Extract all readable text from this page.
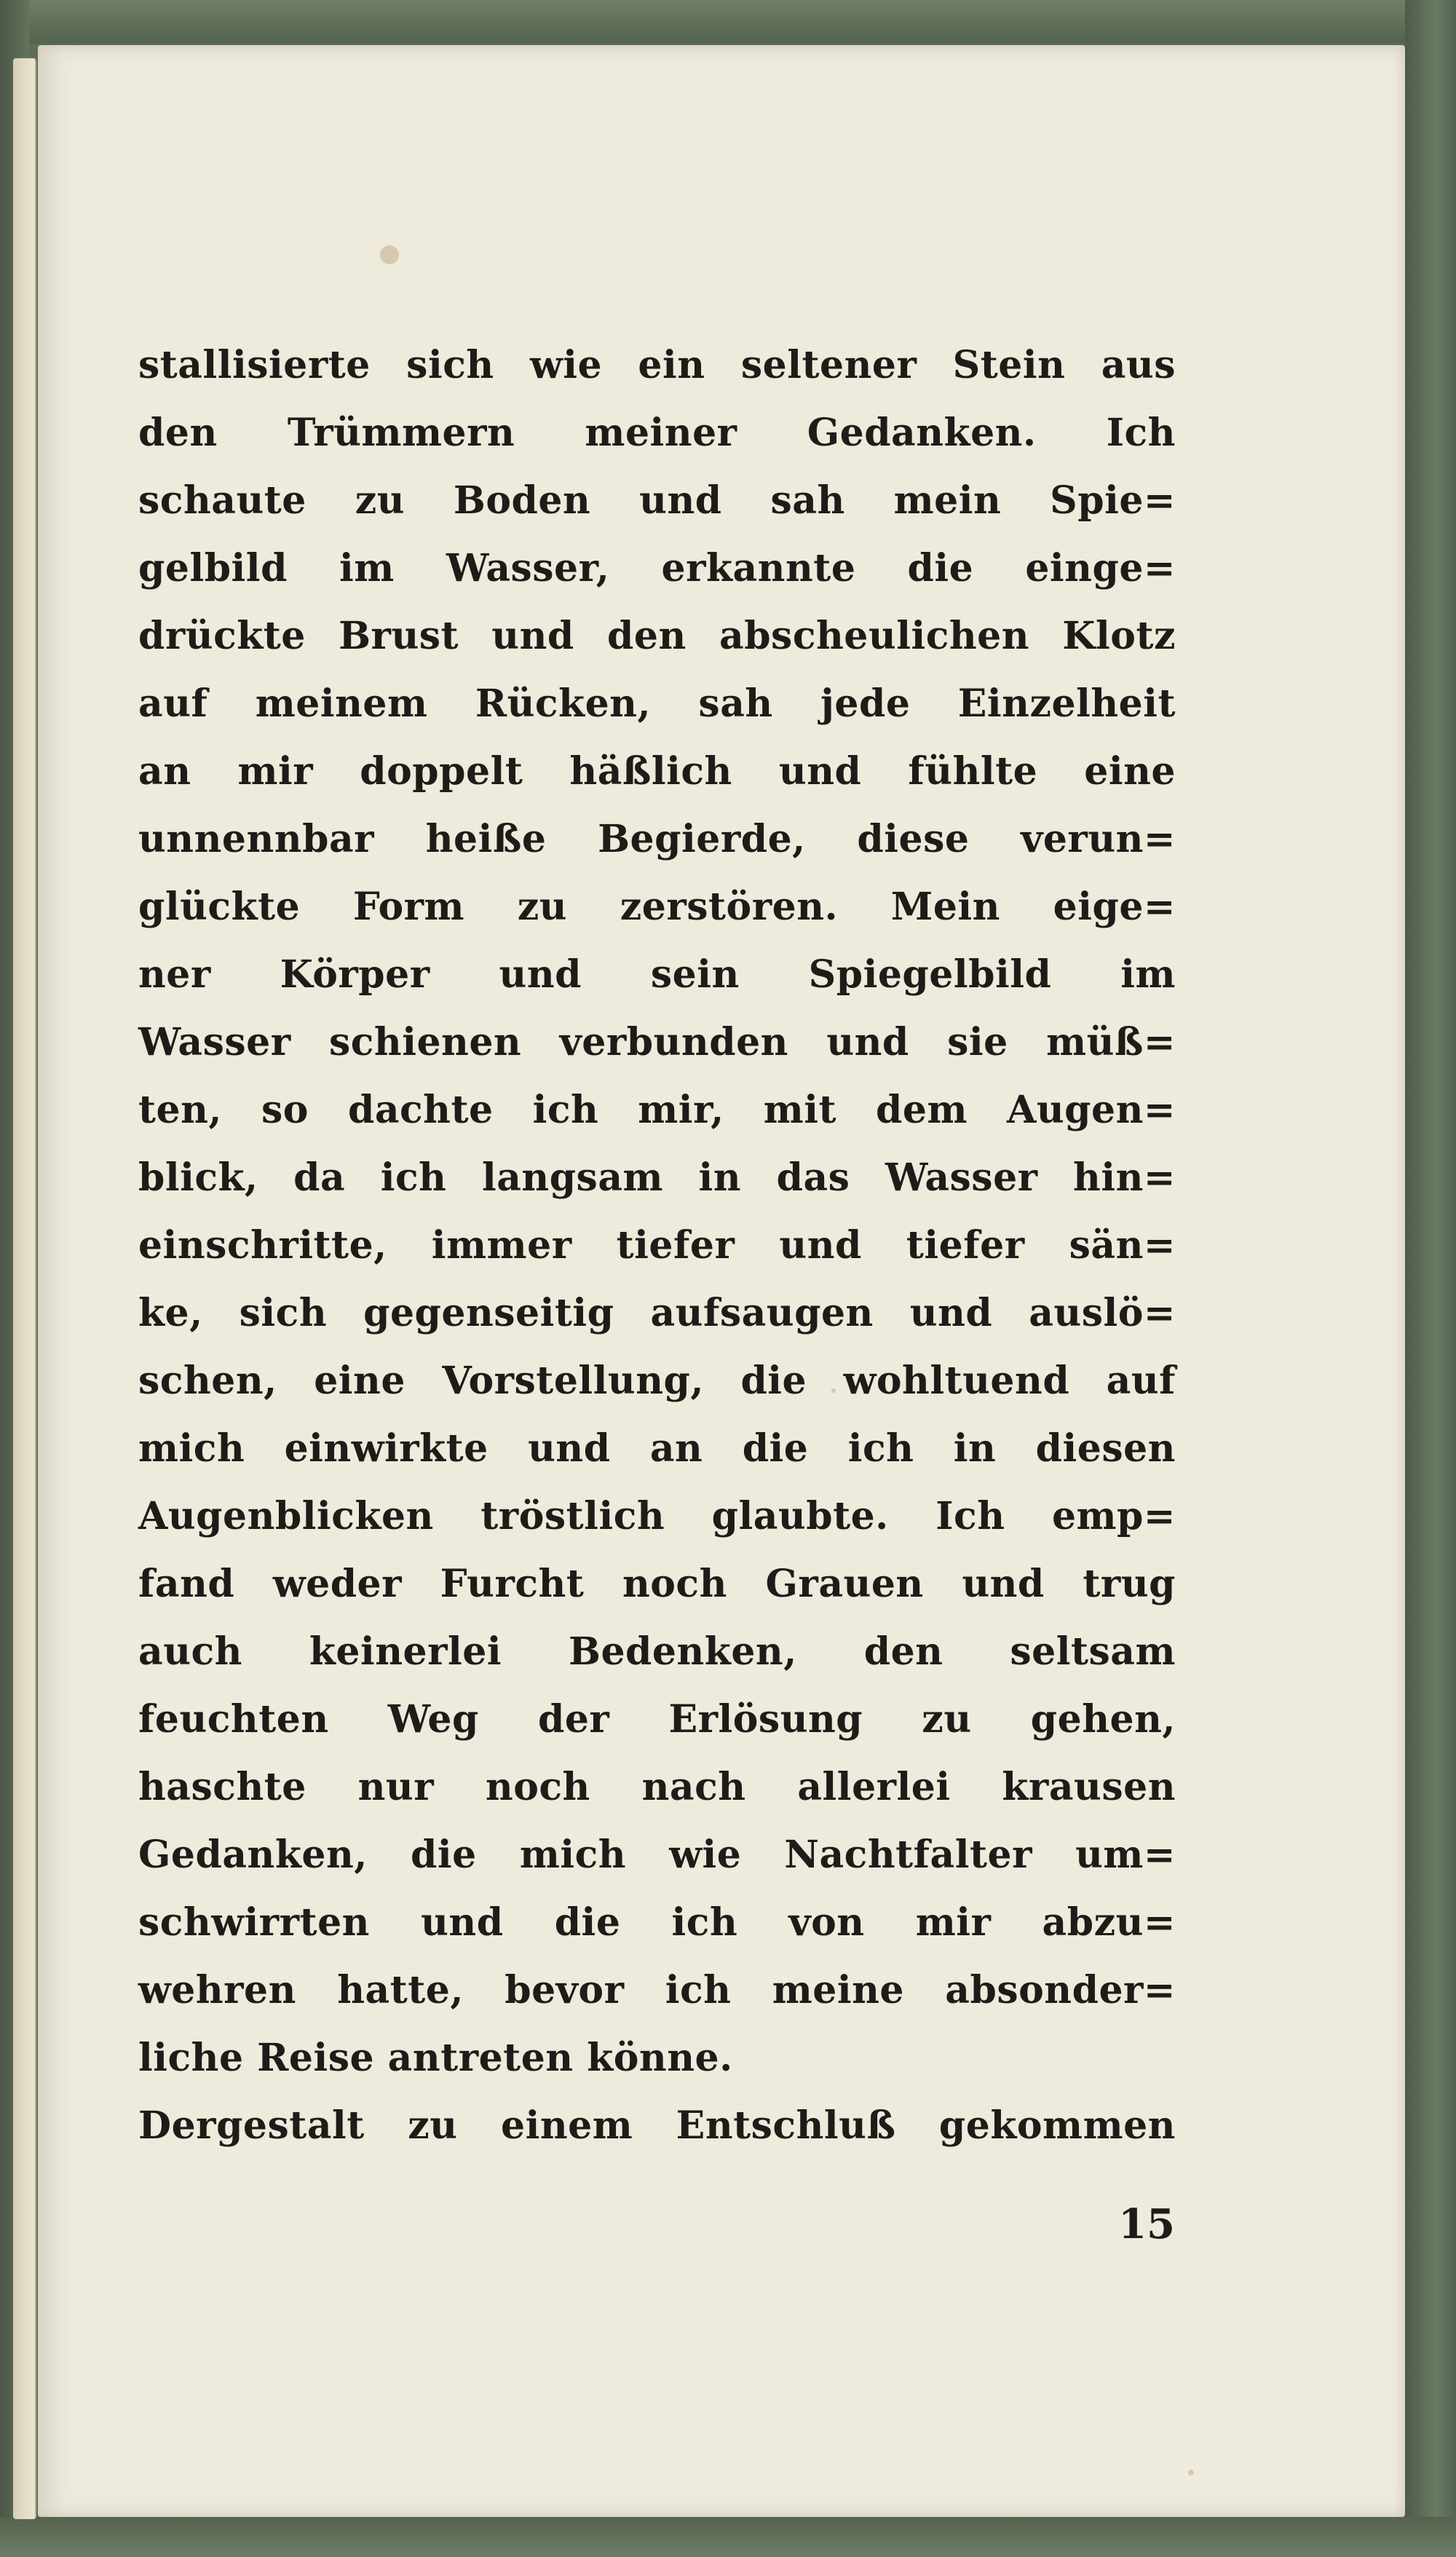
stallisierte sich wie ein seltener Stein aus
den Trümmern meiner Gedanken. Ich
schaute zu Boden und sah mein Spie=
gelbild im Wasser, erkannte die einge=
drückte Brust und den abscheulichen Klotz
auf meinem Rücken, sah jede Einzelheit
an mir doppelt häßlich und fühlte eine
unnennbar heiße Begierde, diese verun=
glückte Form zu zerstören. Mein eige=
ner Körper und sein Spiegelbild im
Wasser schienen verbunden und sie müß=
ten, so dachte ich mir, mit dem Augen=
blick, da ich langsam in das Wasser hin=
einschritte, immer tiefer und tiefer sän=
ke, sich gegenseitig aufsaugen und auslö=
schen, eine Vorstellung, die wohltuend auf
mich einwirkte und an die ich in diesen
Augenblicken tröstlich glaubte. Ich emp=
fand weder Furcht noch Grauen und trug
auch keinerlei Bedenken, den seltsam
feuchten Weg der Erlösung zu gehen,
haschte nur noch nach allerlei krausen
Gedanken, die mich wie Nachtfalter um=
schwirrten und die ich von mir abzu=
wehren hatte, bevor ich meine absonder=
liche Reise antreten könne.
Dergestalt zu einem Entschluß gekommen
15
